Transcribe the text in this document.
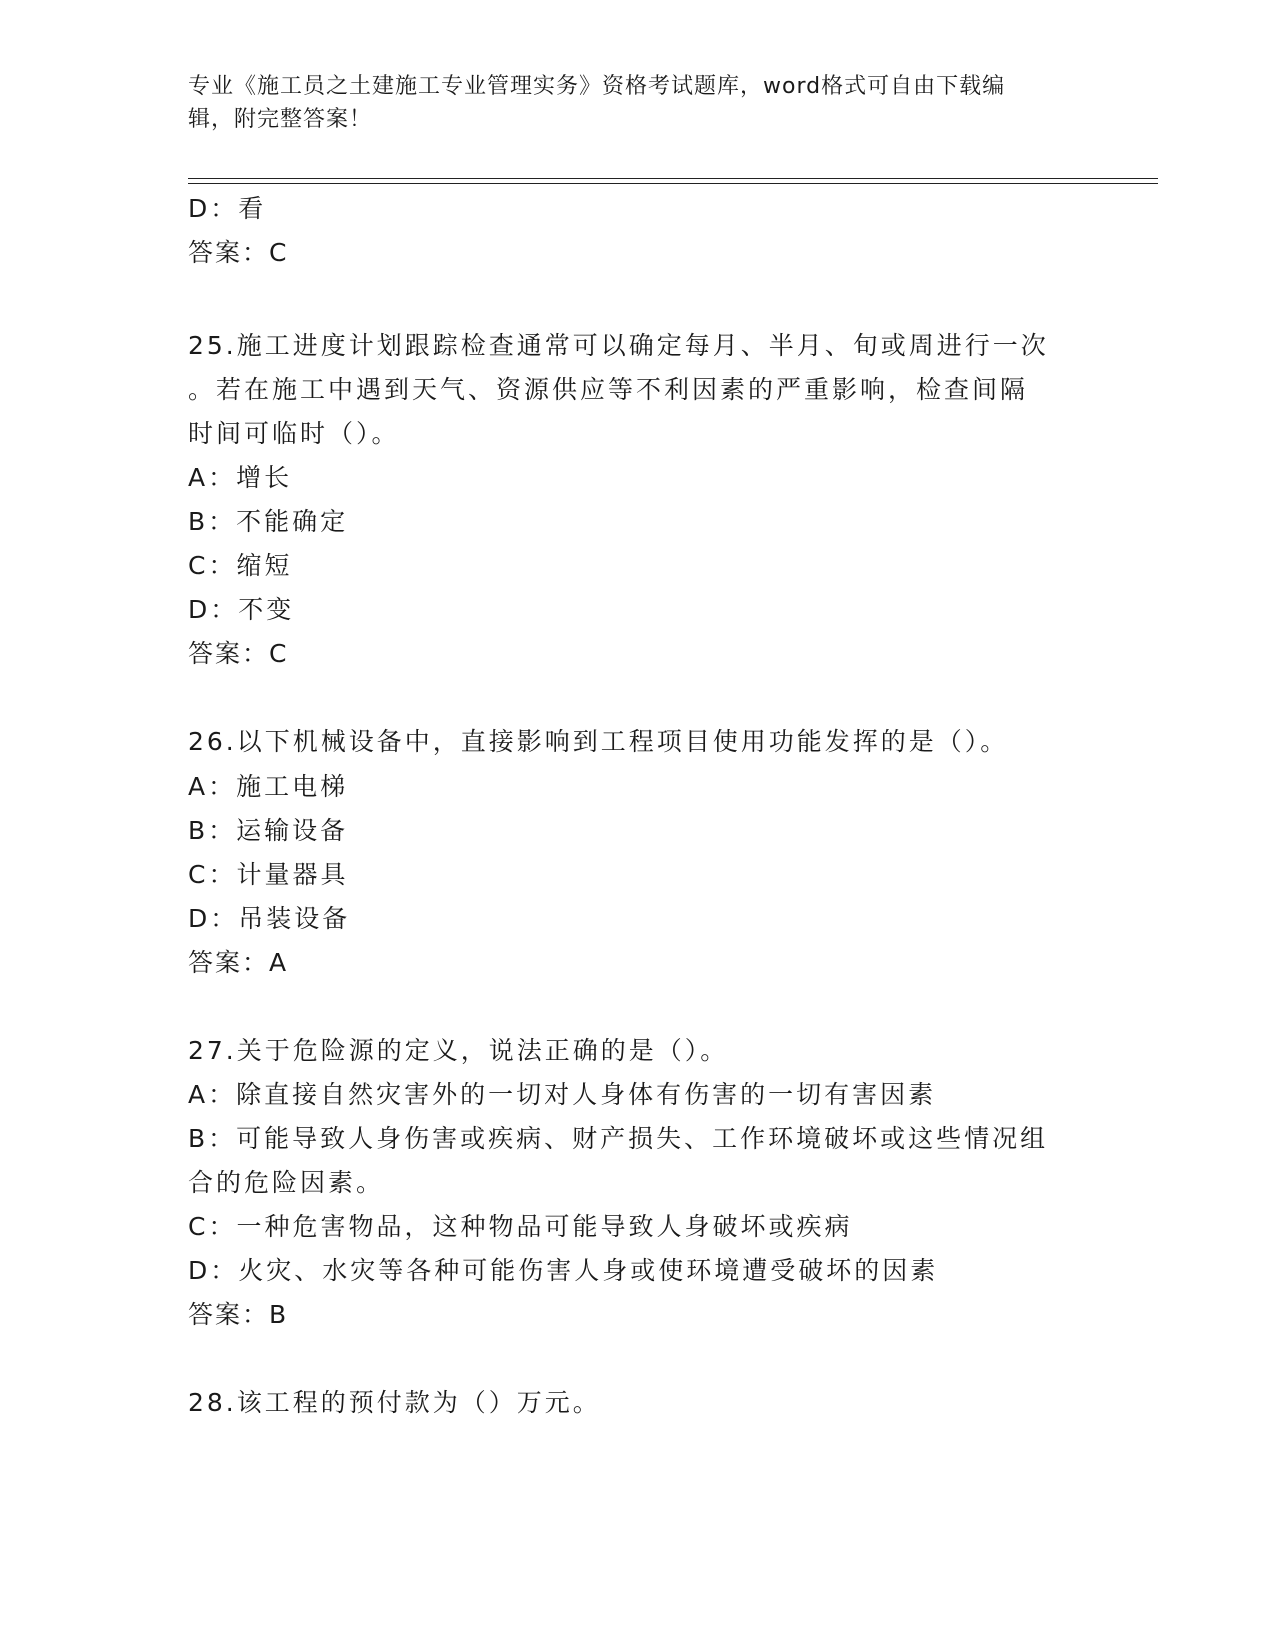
专业《施工员之土建施工专业管理实务》资格考试题库，word格式可自由下载编
辑，附完整答案！
D：看
答案：C
25.施工进度计划跟踪检查通常可以确定每月、半月、旬或周进行一次
。若在施工中遇到天气、资源供应等不利因素的严重影响，检查间隔
时间可临时（）。
A：增长
B：不能确定
C：缩短
D：不变
答案：C
26.以下机械设备中，直接影响到工程项目使用功能发挥的是（）。
A：施工电梯
B：运输设备
C：计量器具
D：吊装设备
答案：A
27.关于危险源的定义，说法正确的是（）。
A：除直接自然灾害外的一切对人身体有伤害的一切有害因素
B：可能导致人身伤害或疾病、财产损失、工作环境破坏或这些情况组
合的危险因素。
C：一种危害物品，这种物品可能导致人身破坏或疾病
D：火灾、水灾等各种可能伤害人身或使环境遭受破坏的因素
答案：B
28.该工程的预付款为（）万元。
